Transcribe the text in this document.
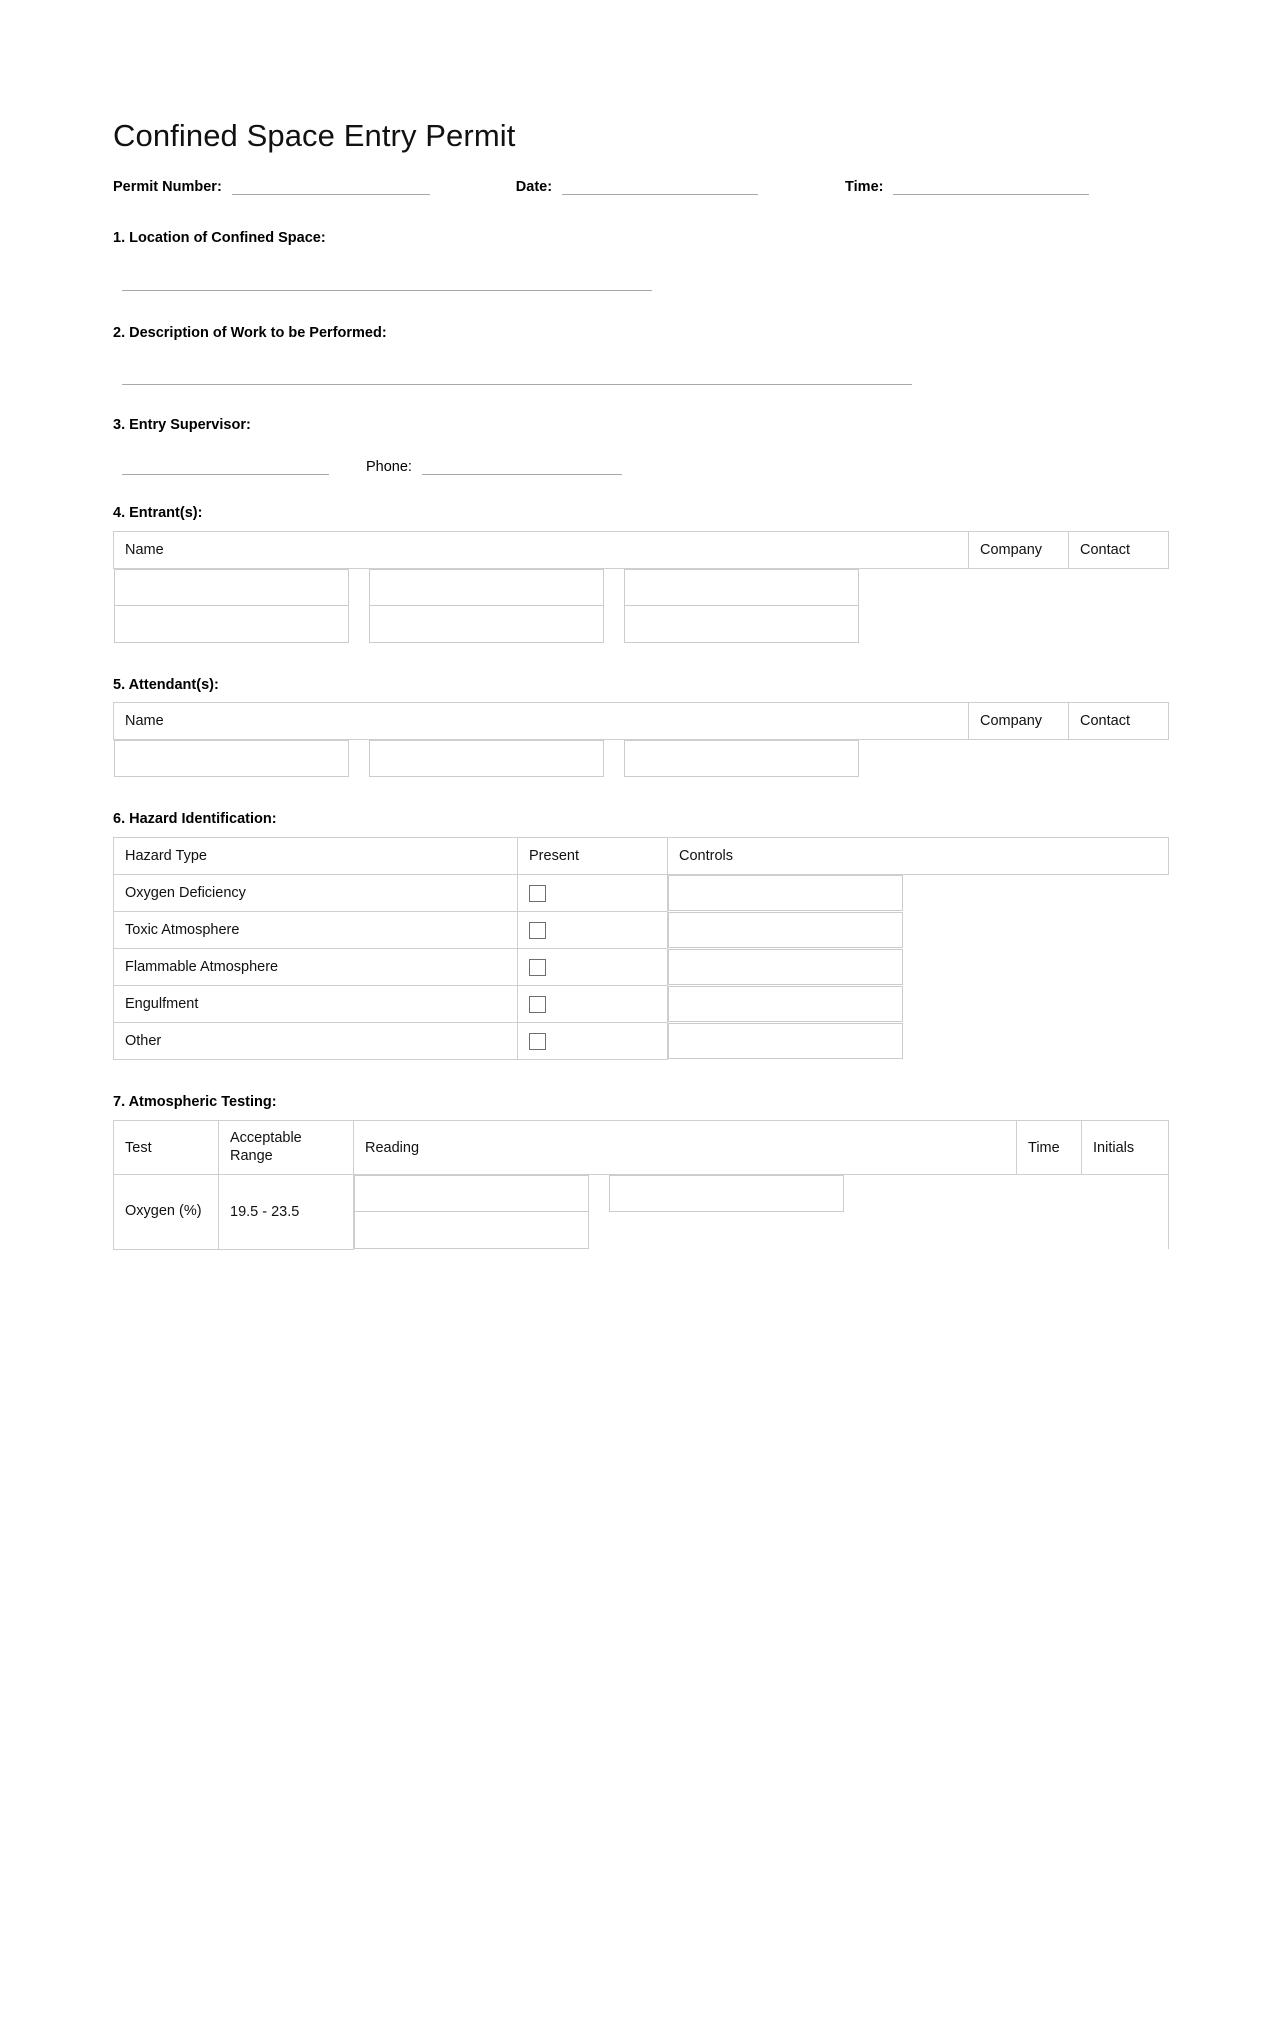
Confined Space Entry Permit
Permit Number:	Date:	Time:
1. Location of Confined Space:
2. Description of Work to be Performed:
3. Entry Supervisor:
Phone:
4. Entrant(s):
Name	Company	Contact

5. Attendant(s):
Name	Company	Contact

6. Hazard Identification:
Hazard Type	Present	Controls
Oxygen Deficiency		

Toxic Atmosphere		

Flammable Atmosphere		

Engulfment		

Other		
7. Atmospheric Testing:
Test	Acceptable Range	Reading	Time	Initials
Oxygen (%)	19.5 - 23.5			
